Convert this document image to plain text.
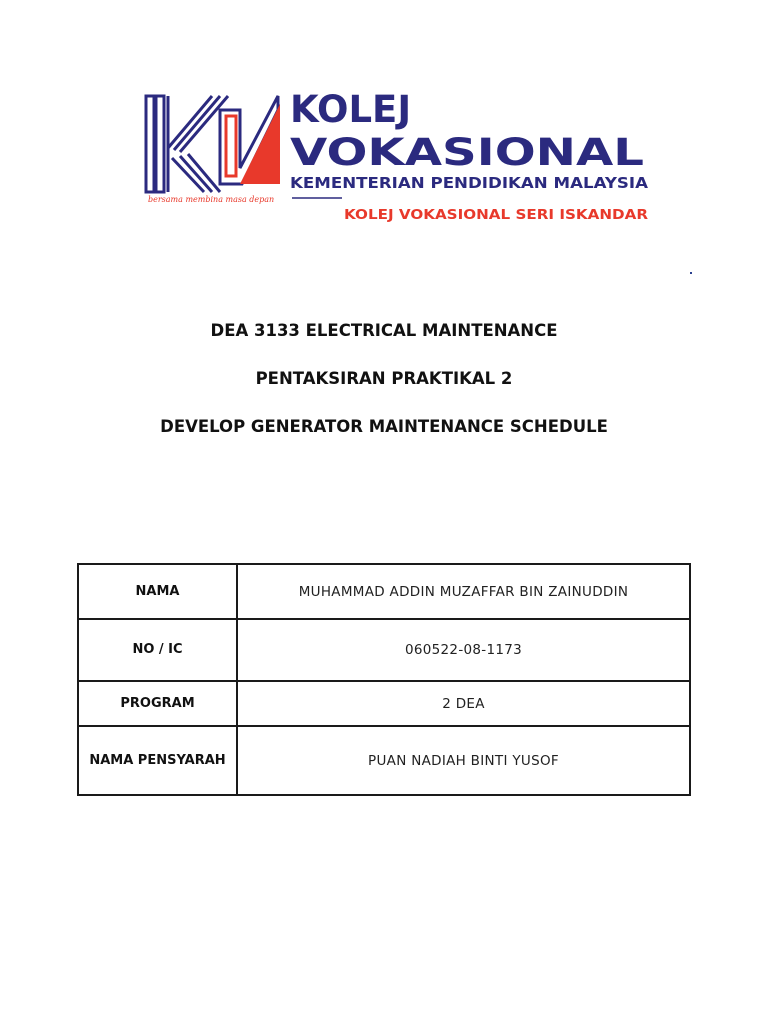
bersama membina masa depan
KOLEJ
VOKASIONAL
KEMENTERIAN PENDIDIKAN MALAYSIA
KOLEJ VOKASIONAL SERI ISKANDAR
DEA 3133 ELECTRICAL MAINTENANCE
PENTAKSIRAN PRAKTIKAL 2
DEVELOP GENERATOR MAINTENANCE SCHEDULE
NAMA	MUHAMMAD ADDIN MUZAFFAR BIN ZAINUDDIN
NO / IC	060522-08-1173
PROGRAM	2 DEA
NAMA PENSYARAH	PUAN NADIAH BINTI YUSOF
